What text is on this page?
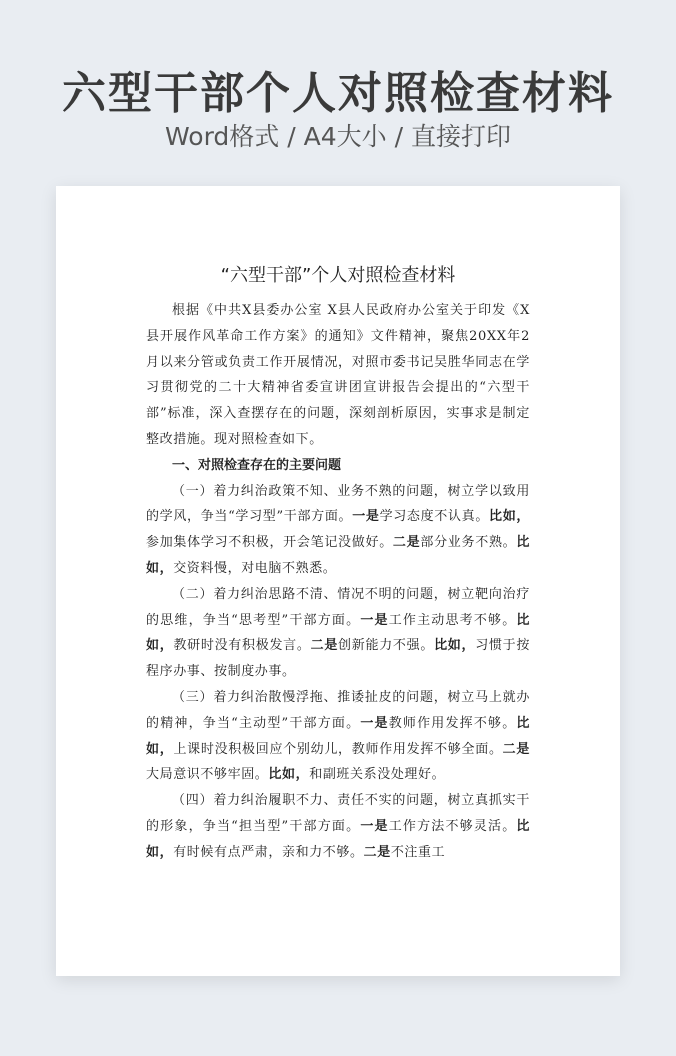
六型干部个人对照检查材料
Word格式 / A4大小 / 直接打印
“六型干部”个人对照检查材料

根据《中共X县委办公室 X县人民政府办公室关于印发《X县开展作风革命工作方案》的通知》文件精神，聚焦20XX年2月以来分管或负责工作开展情况，对照市委书记吴胜华同志在学习贯彻党的二十大精神省委宣讲团宣讲报告会提出的“六型干部”标准，深入查摆存在的问题，深刻剖析原因，实事求是制定整改措施。现对照检查如下。

一、对照检查存在的主要问题

（一）着力纠治政策不知、业务不熟的问题，树立学以致用的学风，争当“学习型”干部方面。一是学习态度不认真。比如，参加集体学习不积极，开会笔记没做好。二是部分业务不熟。比如，交资料慢，对电脑不熟悉。

（二）着力纠治思路不清、情况不明的问题，树立靶向治疗的思维，争当“思考型”干部方面。一是工作主动思考不够。比如，教研时没有积极发言。二是创新能力不强。比如，习惯于按程序办事、按制度办事。

（三）着力纠治散慢浮拖、推诿扯皮的问题，树立马上就办的精神，争当“主动型”干部方面。一是教师作用发挥不够。比如，上课时没积极回应个别幼儿，教师作用发挥不够全面。二是大局意识不够牢固。比如，和副班关系没处理好。

（四）着力纠治履职不力、责任不实的问题，树立真抓实干的形象，争当“担当型”干部方面。一是工作方法不够灵活。比如，有时候有点严肃，亲和力不够。二是不注重工
